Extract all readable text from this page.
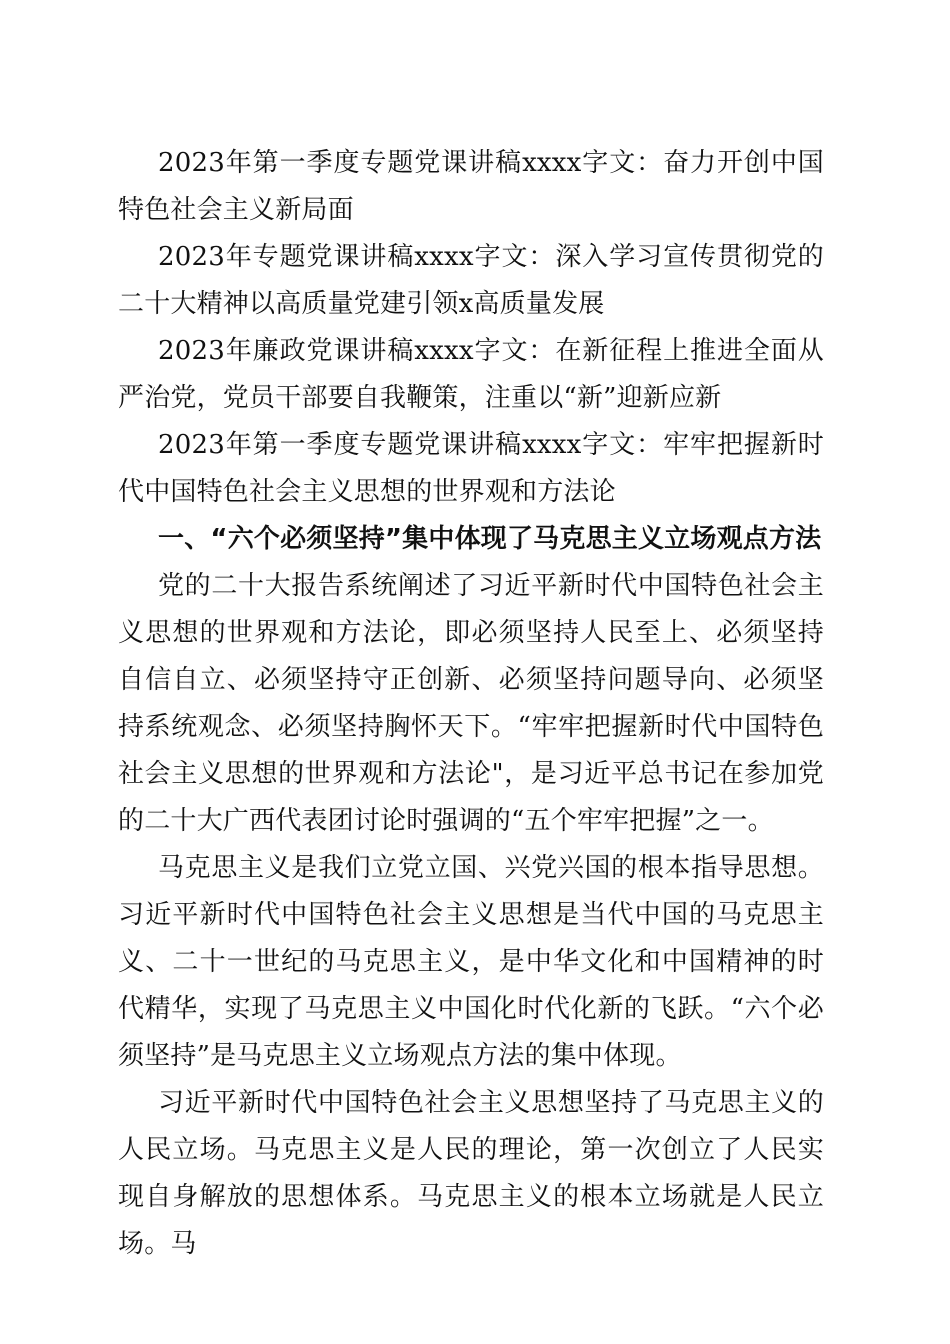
2023年第一季度专题党课讲稿xxxx字文：奋力开创中国特色社会主义新局面

2023年专题党课讲稿xxxx字文：深入学习宣传贯彻党的二十大精神以高质量党建引领x高质量发展

2023年廉政党课讲稿xxxx字文：在新征程上推进全面从严治党，党员干部要自我鞭策，注重以“新”迎新应新

2023年第一季度专题党课讲稿xxxx字文：牢牢把握新时代中国特色社会主义思想的世界观和方法论

一、“六个必须坚持”集中体现了马克思主义立场观点方法

党的二十大报告系统阐述了习近平新时代中国特色社会主义思想的世界观和方法论，即必须坚持人民至上、必须坚持自信自立、必须坚持守正创新、必须坚持问题导向、必须坚持系统观念、必须坚持胸怀天下。“牢牢把握新时代中国特色社会主义思想的世界观和方法论"，是习近平总书记在参加党的二十大广西代表团讨论时强调的“五个牢牢把握”之一。

马克思主义是我们立党立国、兴党兴国的根本指导思想。习近平新时代中国特色社会主义思想是当代中国的马克思主义、二十一世纪的马克思主义，是中华文化和中国精神的时代精华，实现了马克思主义中国化时代化新的飞跃。“六个必须坚持”是马克思主义立场观点方法的集中体现。

习近平新时代中国特色社会主义思想坚持了马克思主义的人民立场。马克思主义是人民的理论，第一次创立了人民实现自身解放的思想体系。马克思主义的根本立场就是人民立场。马
